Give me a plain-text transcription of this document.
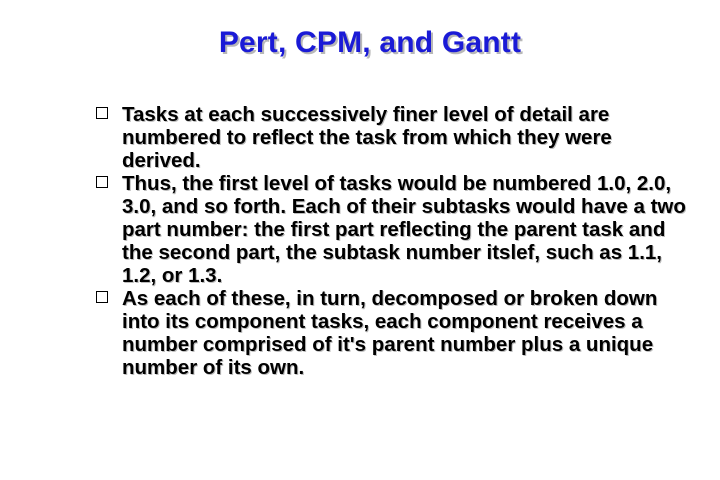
Pert, CPM, and Gantt
Tasks at each successively finer level of detail are numbered to reflect the task from which they were derived.
Thus, the first level of tasks would be numbered 1.0, 2.0, 3.0, and so forth. Each of their subtasks would have a two part number: the first part reflecting the parent task and the second part, the subtask number itslef, such as 1.1, 1.2, or 1.3.
As each of these, in turn, decomposed or broken down into its component tasks, each component receives a number comprised of it's parent number plus a unique number of its own.
